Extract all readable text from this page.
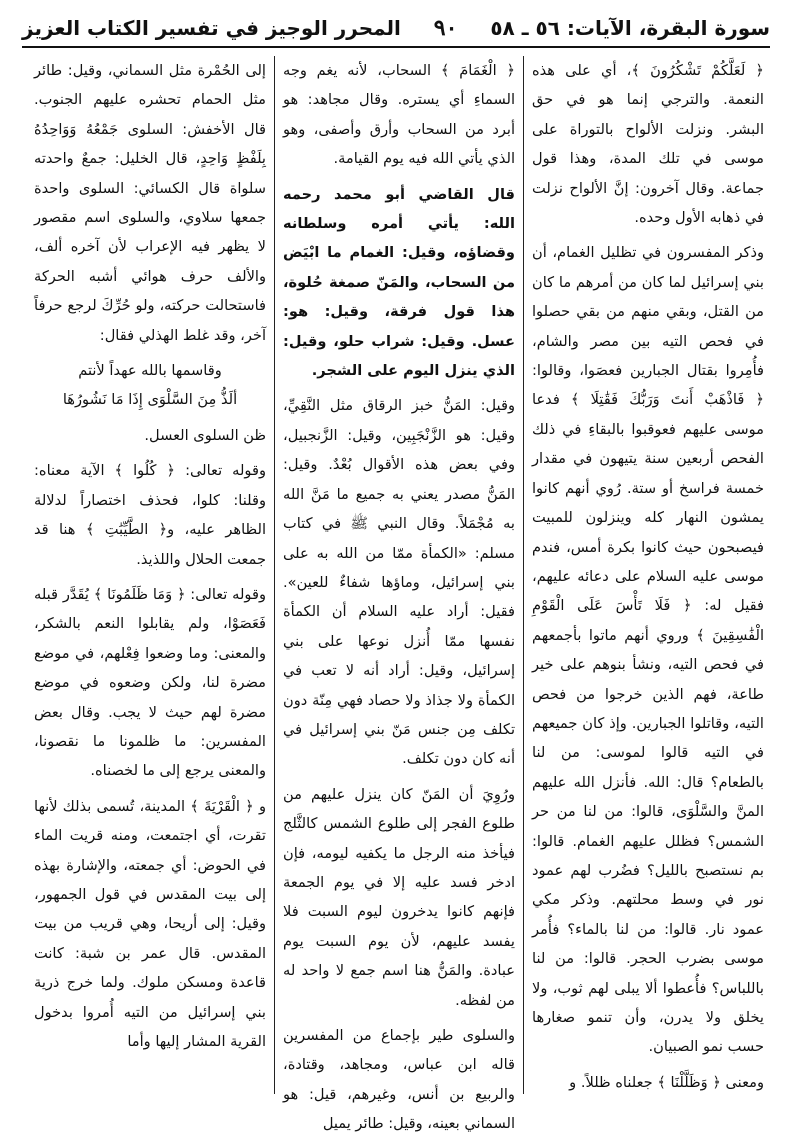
سورة البقرة، الآيات: ٥٦ ـ ٥٨
٩٠
المحرر الوجيز في تفسير الكتاب العزيز

﴿ لَعَلَّكُمْ تَشْكُرُونَ ﴾، أي على هذه النعمة. والترجي إنما هو في حق البشر. ونزلت الألواح بالتوراة على موسى في تلك المدة، وهذا قول جماعة. وقال آخرون: إنَّ الألواح نزلت في ذهابه الأول وحده.

وذكر المفسرون في تظليل الغمام، أن بني إسرائيل لما كان من أمرهم ما كان من القتل، وبقي منهم من بقي حصلوا في فحص التيه بين مصر والشام، فأُمِروا بقتال الجبارين فعصَوا، وقالوا: ﴿ فَاذْهَبْ أَنتَ وَرَبُّكَ فَقَٰتِلَا ﴾ فدعا موسى عليهم فعوقبوا بالبقاءِ في ذلك الفحص أربعين سنة يتيهون في مقدار خمسة فراسخ أو ستة. رُوي أنهم كانوا يمشون النهار كله وينزلون للمبيت فيصبحون حيث كانوا بكرة أمس، فندم موسى عليه السلام على دعائه عليهم، فقيل له: ﴿ فَلَا تَأْسَ عَلَى الْقَوْمِ الْفَٰسِقِينَ ﴾ وروي أنهم ماتوا بأجمعهم في فحص التيه، ونشأ بنوهم على خير طاعة، فهم الذين خرجوا من فحص التيه، وقاتلوا الجبارين. وإذ كان جميعهم في التيه قالوا لموسى: من لنا بالطعام؟ قال: الله. فأنزل الله عليهم المنَّ والسَّلْوَى، قالوا: من لنا من حر الشمس؟ فظلل عليهم الغمام. قالوا: بم نستصبح بالليل؟ فضُرب لهم عمود نور في وسط محلتهم. وذكر مكي عمود نار. قالوا: من لنا بالماء؟ فأُمر موسى بضرب الحجر. قالوا: من لنا باللباس؟ فأُعطوا ألا يبلى لهم ثوب، ولا يخلق ولا يدرن، وأن تنمو صغارها حسب نمو الصبيان.

ومعنى ﴿ وَظَلَّلْنَا ﴾ جعلناه ظللاً. و

﴿ الْغَمَامَ ﴾ السحاب، لأنه يغم وجه السماءِ أي يستره. وقال مجاهد: هو أبرد من السحاب وأرق وأصفى، وهو الذي يأتي الله فيه يوم القيامة.

قال القاضي أبو محمد رحمه الله: يأتي أمره وسلطانه وقضاؤه، وقيل: الغمام ما ابْيَض من السحاب، والمَنّ صمغة حُلوة، هذا قول فرقة، وقيل: هو: عسل. وقيل: شراب حلو، وقيل: الذي ينزل اليوم على الشجر.

وقيل: المَنُّ خبز الرقاق مثل النَّقِيِّ، وقيل: هو الزَّنْجَبِين، وقيل: الزَّنجبيل، وفي بعض هذه الأقوال بُعْدٌ. وقيل: المَنُّ مصدر يعني به جميع ما مَنَّ الله به مُجْمَلاً. وقال النبي ﷺ في كتاب مسلم: «الكمأة ممّا من الله به على بني إسرائيل، وماؤها شفاءٌ للعين». فقيل: أراد عليه السلام أن الكمأة نفسها ممّا أُنزل نوعها على بني إسرائيل، وقيل: أراد أنه لا تعب في الكمأة ولا جذاذ ولا حصاد فهي مِنّة دون تكلف مِن جنس مَنّ بني إسرائيل في أنه كان دون تكلف.

ورُوِيَ أن المَنّ كان ينزل عليهم من طلوع الفجر إلى طلوع الشمس كالثَّلج فيأخذ منه الرجل ما يكفيه ليومه، فإن ادخر فسد عليه إلا في يوم الجمعة فإنهم كانوا يدخرون ليوم السبت فلا يفسد عليهم، لأن يوم السبت يوم عبادة. والمَنُّ هنا اسم جمع لا واحد له من لفظه.

والسلوى طير بإجماع من المفسرين قاله ابن عباس، ومجاهد، وقتادة، والربيع بن أنس، وغيرهم، قيل: هو السماني بعينه، وقيل: طائر يميل

إلى الحُمْرة مثل السماني، وقيل: طائر مثل الحمام تحشره عليهم الجنوب. قال الأخفش: السلوى جَمْعُهُ وَوَاحِدُهُ بِلَفْظٍ وَاحِدٍ، قال الخليل: جمعٌ واحدته سلواة قال الكسائي: السلوى واحدة جمعها سلاوي، والسلوى اسم مقصور لا يظهر فيه الإعراب لأن آخره ألف، والألف حرف هوائي أشبه الحركة فاستحالت حركته، ولو حُرِّكَ لرجع حرفاً آخر، وقد غلط الهذلي فقال:

وقاسمها بالله عهداً لأنتم
ألَذُّ مِنَ السَّلْوَى إِذَا مَا نَشُورُهَا

ظن السلوى العسل.

وقوله تعالى: ﴿ كُلُوا ﴾ الآية معناه: وقلنا: كلوا، فحذف اختصاراً لدلالة الظاهر عليه، و﴿ الطَّيِّبَٰتِ ﴾ هنا قد جمعت الحلال واللذيذ.

وقوله تعالى: ﴿ وَمَا ظَلَمُونَا ﴾ يُقَدَّر قبله فَعَصَوْا، ولم يقابلوا النعم بالشكر، والمعنى: وما وضعوا فِعْلهم، في موضع مضرة لنا، ولكن وضعوه في موضع مضرة لهم حيث لا يجب. وقال بعض المفسرين: ما ظلمونا ما نقصونا، والمعنى يرجع إلى ما لخصناه.

و ﴿ الْقَرْيَةَ ﴾ المدينة، تُسمى بذلك لأنها تقرت، أي اجتمعت، ومنه قريت الماء في الحوض: أي جمعته، والإشارة بهذه إلى بيت المقدس في قول الجمهور، وقيل: إلى أريحا، وهي قريب من بيت المقدس. قال عمر بن شبة: كانت قاعدة ومسكن ملوك. ولما خرج ذرية بني إسرائيل من التيه أُمروا بدخول القرية المشار إليها وأما
